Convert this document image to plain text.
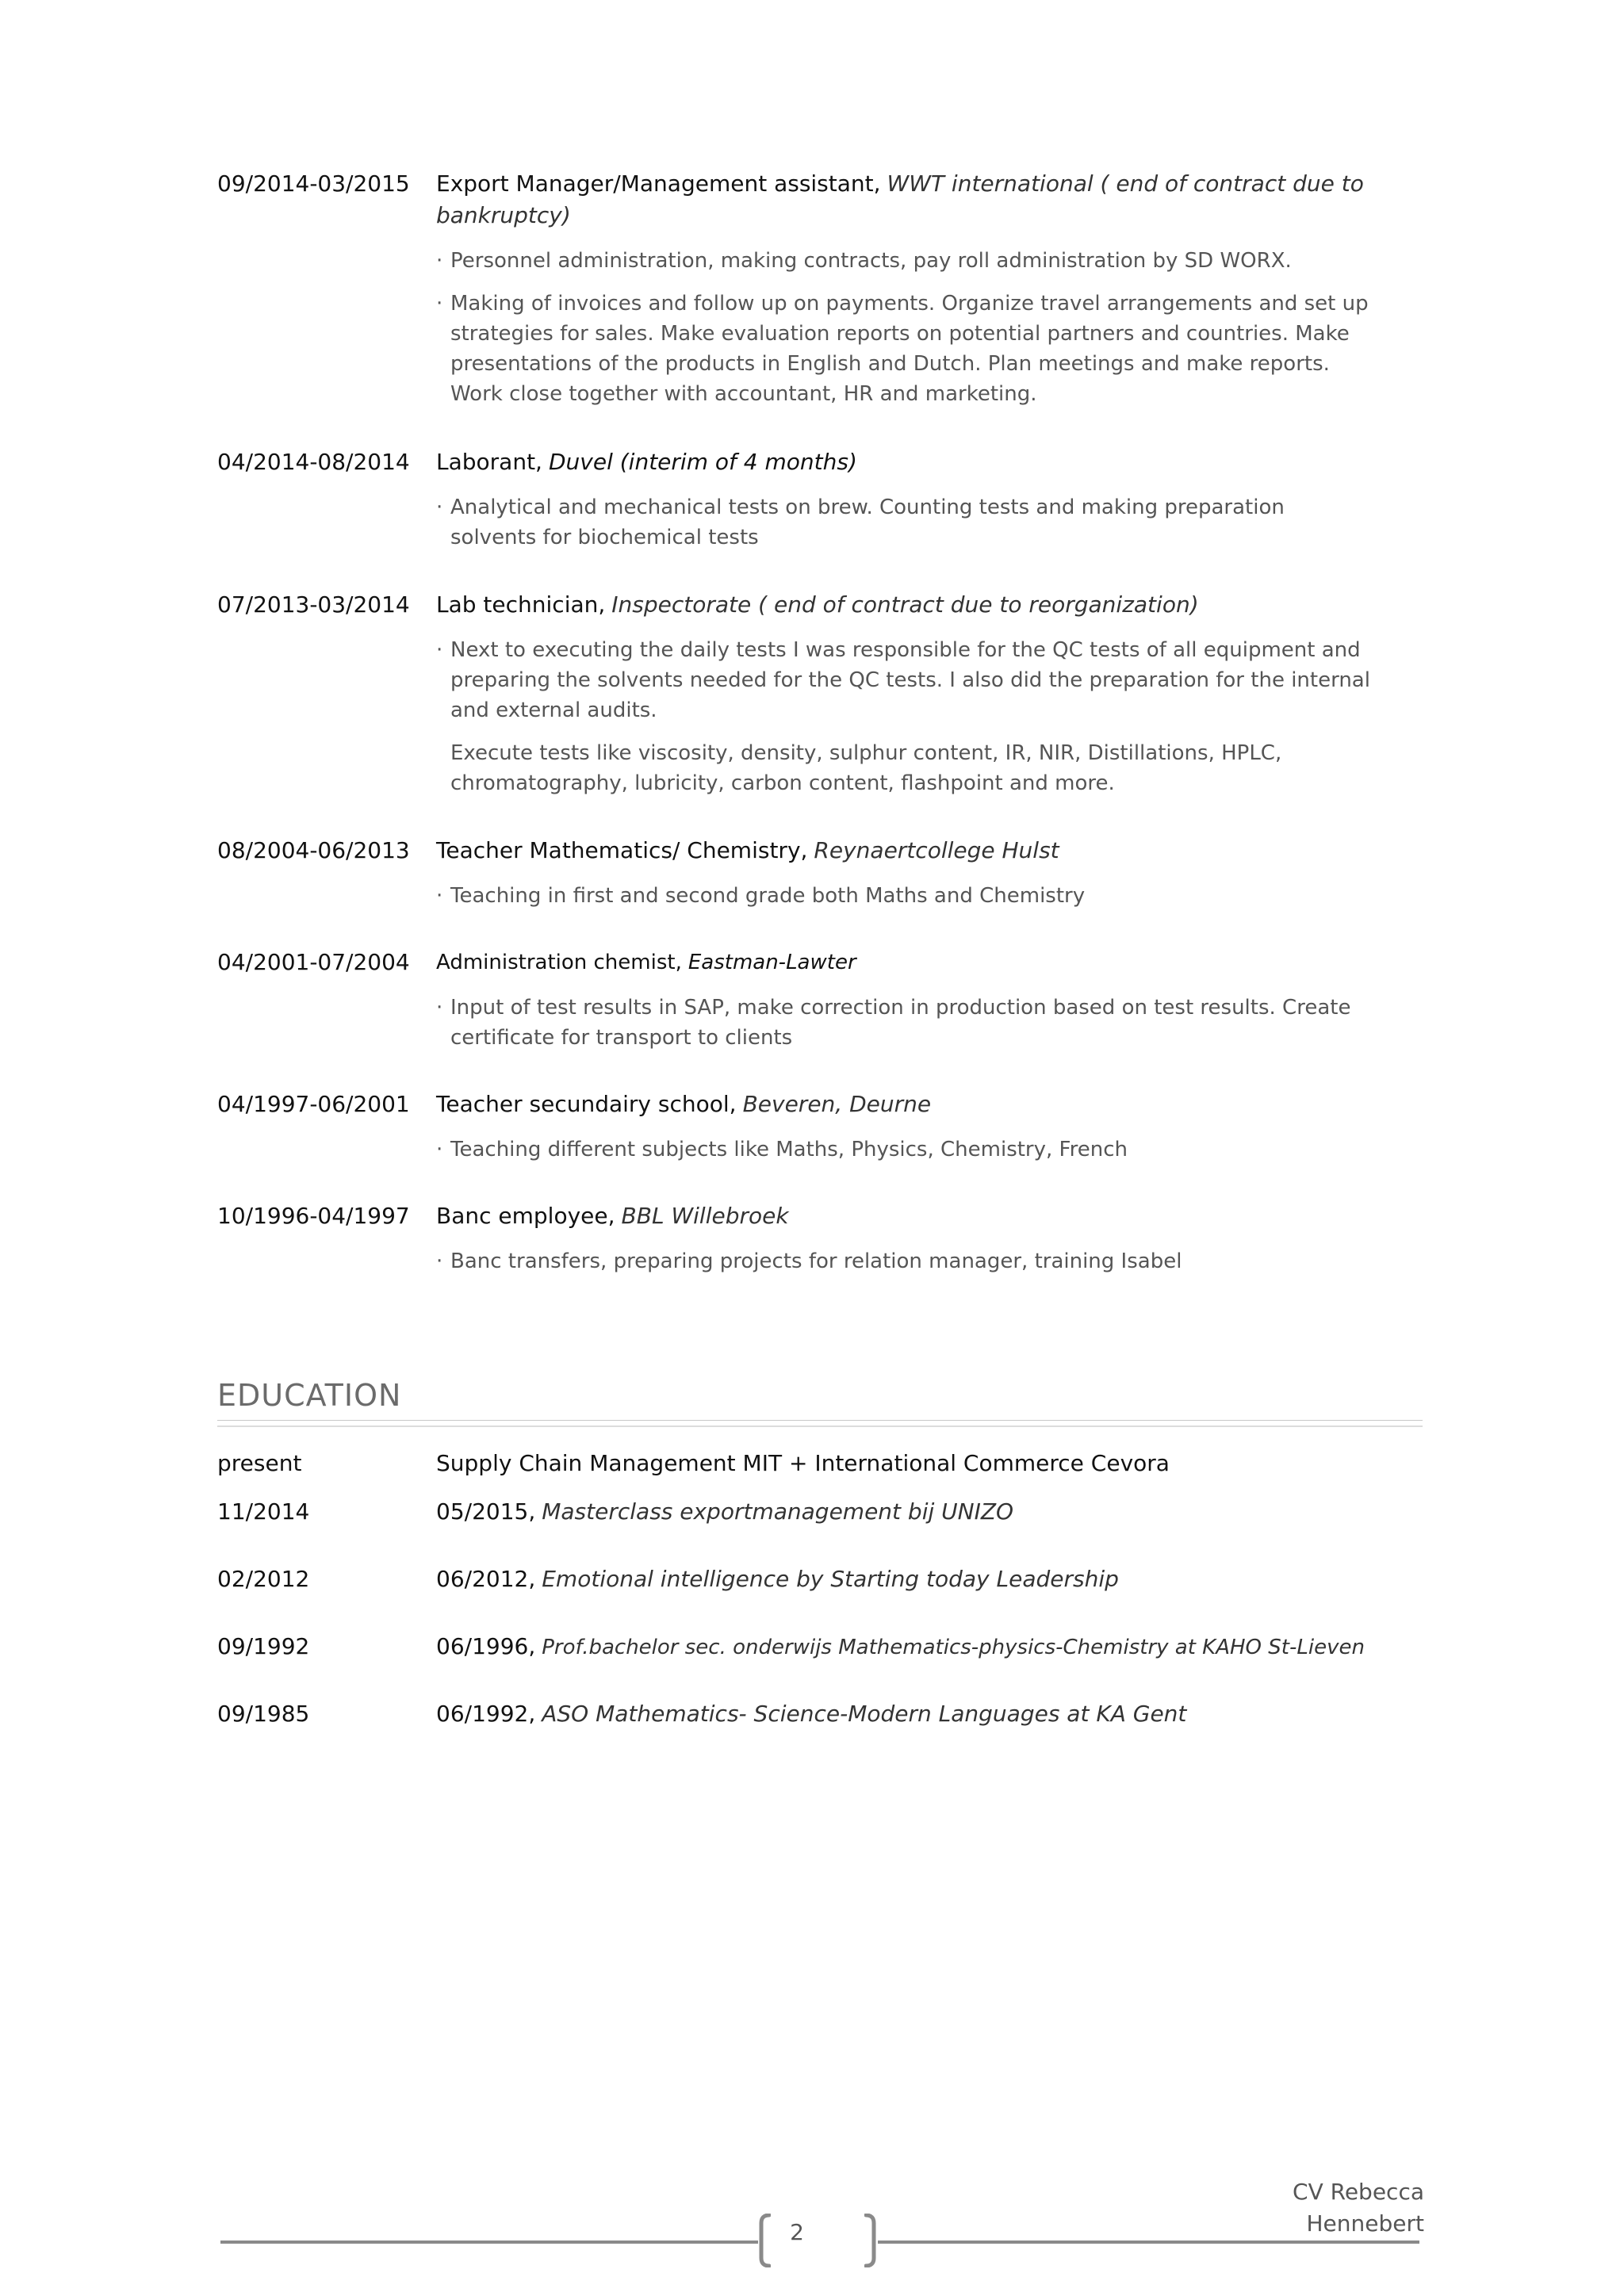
09/2014-03/2015 Export Manager/Management assistant, WWT international ( end of contract due to bankruptcy)
· Personnel administration, making contracts, pay roll administration by SD WORX.
· Making of invoices and follow up on payments. Organize travel arrangements and set up strategies for sales. Make evaluation reports on potential partners and countries. Make presentations of the products in English and Dutch. Plan meetings and make reports. Work close together with accountant, HR and marketing.
04/2014-08/2014 Laborant, Duvel (interim of 4 months)
· Analytical and mechanical tests on brew. Counting tests and making preparation solvents for biochemical tests
07/2013-03/2014 Lab technician, Inspectorate ( end of contract due to reorganization)
· Next to executing the daily tests I was responsible for the QC tests of all equipment and preparing the solvents needed for the QC tests. I also did the preparation for the internal and external audits.
Execute tests like viscosity, density, sulphur content, IR, NIR, Distillations, HPLC, chromatography, lubricity, carbon content, flashpoint and more.
08/2004-06/2013 Teacher Mathematics/ Chemistry, Reynaertcollege Hulst
· Teaching in first and second grade both Maths and Chemistry
04/2001-07/2004 Administration chemist, Eastman-Lawter
· Input of test results in SAP, make correction in production based on test results. Create certificate for transport to clients
04/1997-06/2001 Teacher secundairy school, Beveren, Deurne
· Teaching different subjects like Maths, Physics, Chemistry, French
10/1996-04/1997 Banc employee, BBL Willebroek
· Banc transfers, preparing projects for relation manager, training Isabel
EDUCATION
present	Supply Chain Management MIT + International Commerce Cevora
11/2014	05/2015, Masterclass exportmanagement bij UNIZO
02/2012	06/2012, Emotional intelligence by Starting today Leadership
09/1992	06/1996, Prof.bachelor sec. onderwijs Mathematics-physics-Chemistry at KAHO St-Lieven
09/1985	06/1992, ASO Mathematics- Science-Modern Languages at KA Gent
CV Rebecca Hennebert
2
